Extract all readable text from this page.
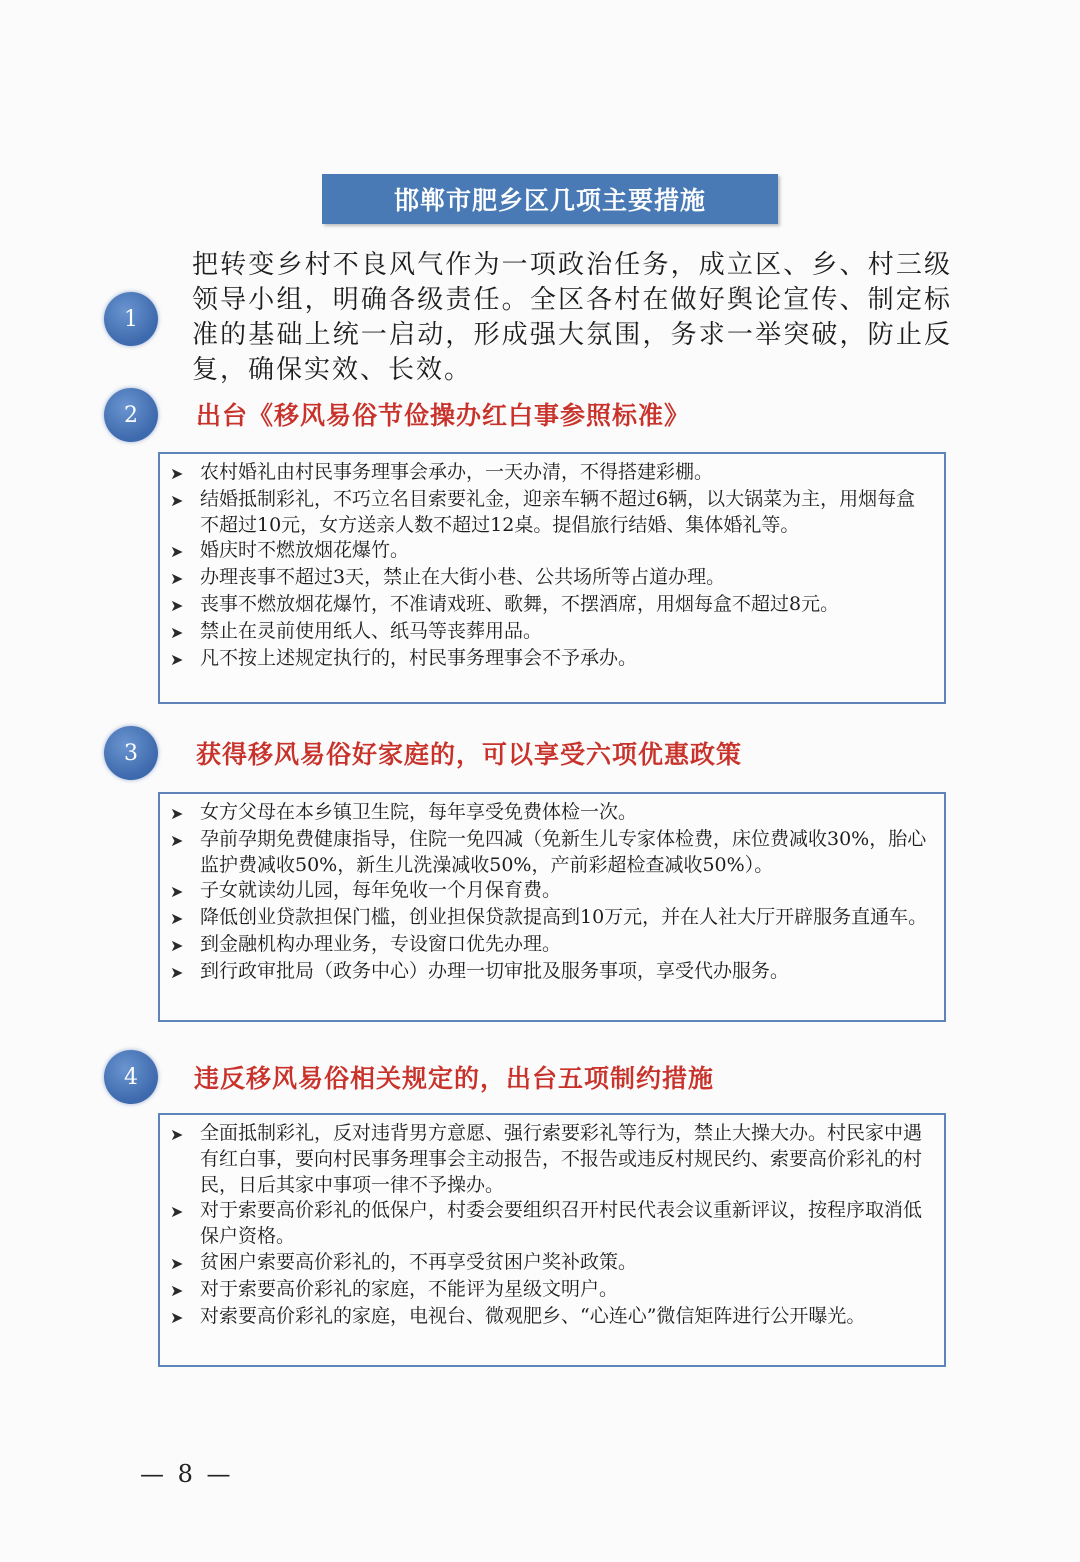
邯郸市肥乡区几项主要措施
1
把转变乡村不良风气作为一项政治任务，成立区、乡、村三级领导小组，明确各级责任。全区各村在做好舆论宣传、制定标准的基础上统一启动，形成强大氛围，务求一举突破，防止反复，确保实效、长效。
2 出台《移风易俗节俭操办红白事参照标准》
➤ 农村婚礼由村民事务理事会承办，一天办清，不得搭建彩棚。
➤ 结婚抵制彩礼，不巧立名目索要礼金，迎亲车辆不超过6辆，以大锅菜为主，用烟每盒不超过10元，女方送亲人数不超过12桌。提倡旅行结婚、集体婚礼等。
➤ 婚庆时不燃放烟花爆竹。
➤ 办理丧事不超过3天，禁止在大街小巷、公共场所等占道办理。
➤ 丧事不燃放烟花爆竹，不准请戏班、歌舞，不摆酒席，用烟每盒不超过8元。
➤ 禁止在灵前使用纸人、纸马等丧葬用品。
➤ 凡不按上述规定执行的，村民事务理事会不予承办。
3 获得移风易俗好家庭的，可以享受六项优惠政策
➤ 女方父母在本乡镇卫生院，每年享受免费体检一次。
➤ 孕前孕期免费健康指导，住院一免四减（免新生儿专家体检费，床位费减收30%，胎心监护费减收50%，新生儿洗澡减收50%，产前彩超检查减收50%）。
➤ 子女就读幼儿园，每年免收一个月保育费。
➤ 降低创业贷款担保门槛，创业担保贷款提高到10万元，并在人社大厅开辟服务直通车。
➤ 到金融机构办理业务，专设窗口优先办理。
➤ 到行政审批局（政务中心）办理一切审批及服务事项，享受代办服务。
4 违反移风易俗相关规定的，出台五项制约措施
➤ 全面抵制彩礼，反对违背男方意愿、强行索要彩礼等行为，禁止大操大办。村民家中遇有红白事，要向村民事务理事会主动报告，不报告或违反村规民约、索要高价彩礼的村民，日后其家中事项一律不予操办。
➤ 对于索要高价彩礼的低保户，村委会要组织召开村民代表会议重新评议，按程序取消低保户资格。
➤ 贫困户索要高价彩礼的，不再享受贫困户奖补政策。
➤ 对于索要高价彩礼的家庭，不能评为星级文明户。
➤ 对索要高价彩礼的家庭，电视台、微观肥乡、“心连心”微信矩阵进行公开曝光。
— 8 —
